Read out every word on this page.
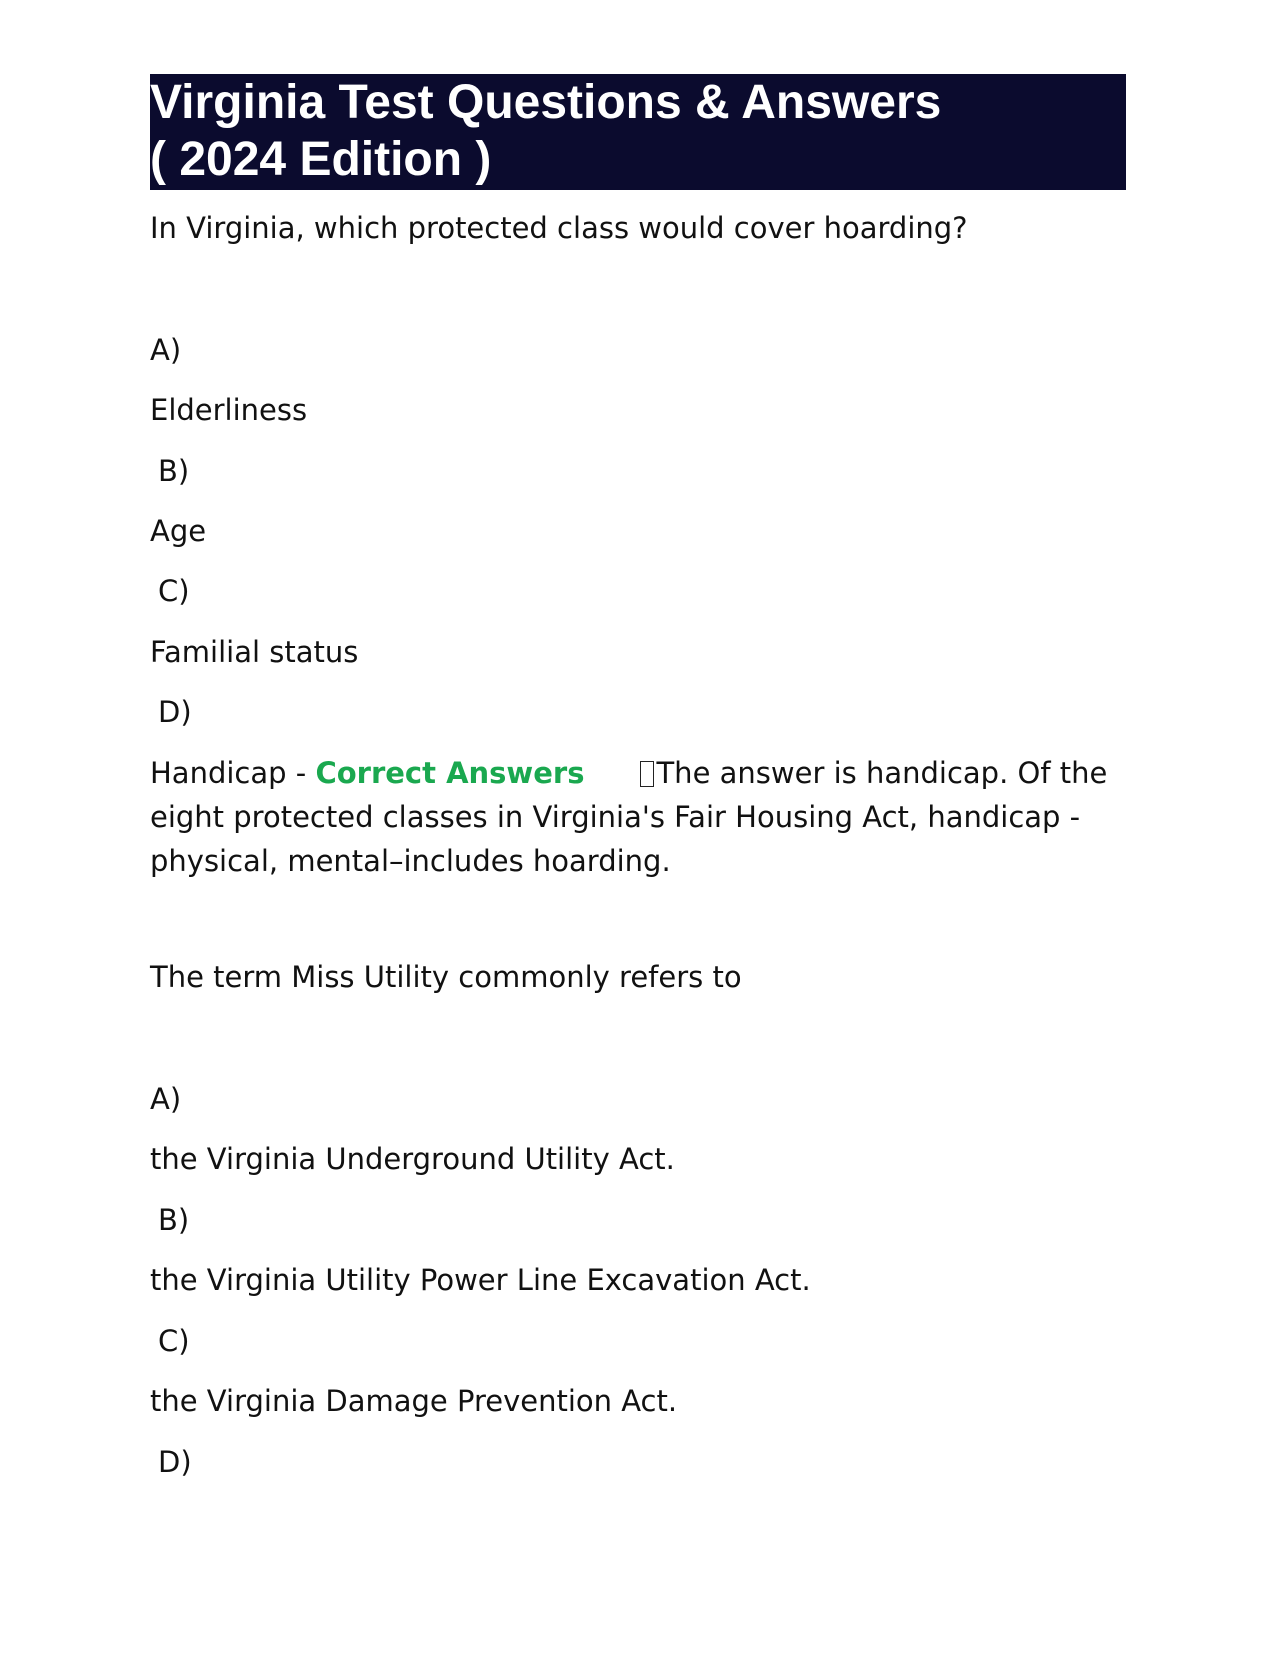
Virginia Test Questions & Answers
( 2024 Edition )
In Virginia, which protected class would cover hoarding?
A)
Elderliness
B)
Age
C)
Familial status
D)
Handicap - Correct Answers The answer is handicap. Of the eight protected classes in Virginia's Fair Housing Act, handicap - physical, mental–includes hoarding.
The term Miss Utility commonly refers to
A)
the Virginia Underground Utility Act.
B)
the Virginia Utility Power Line Excavation Act.
C)
the Virginia Damage Prevention Act.
D)
